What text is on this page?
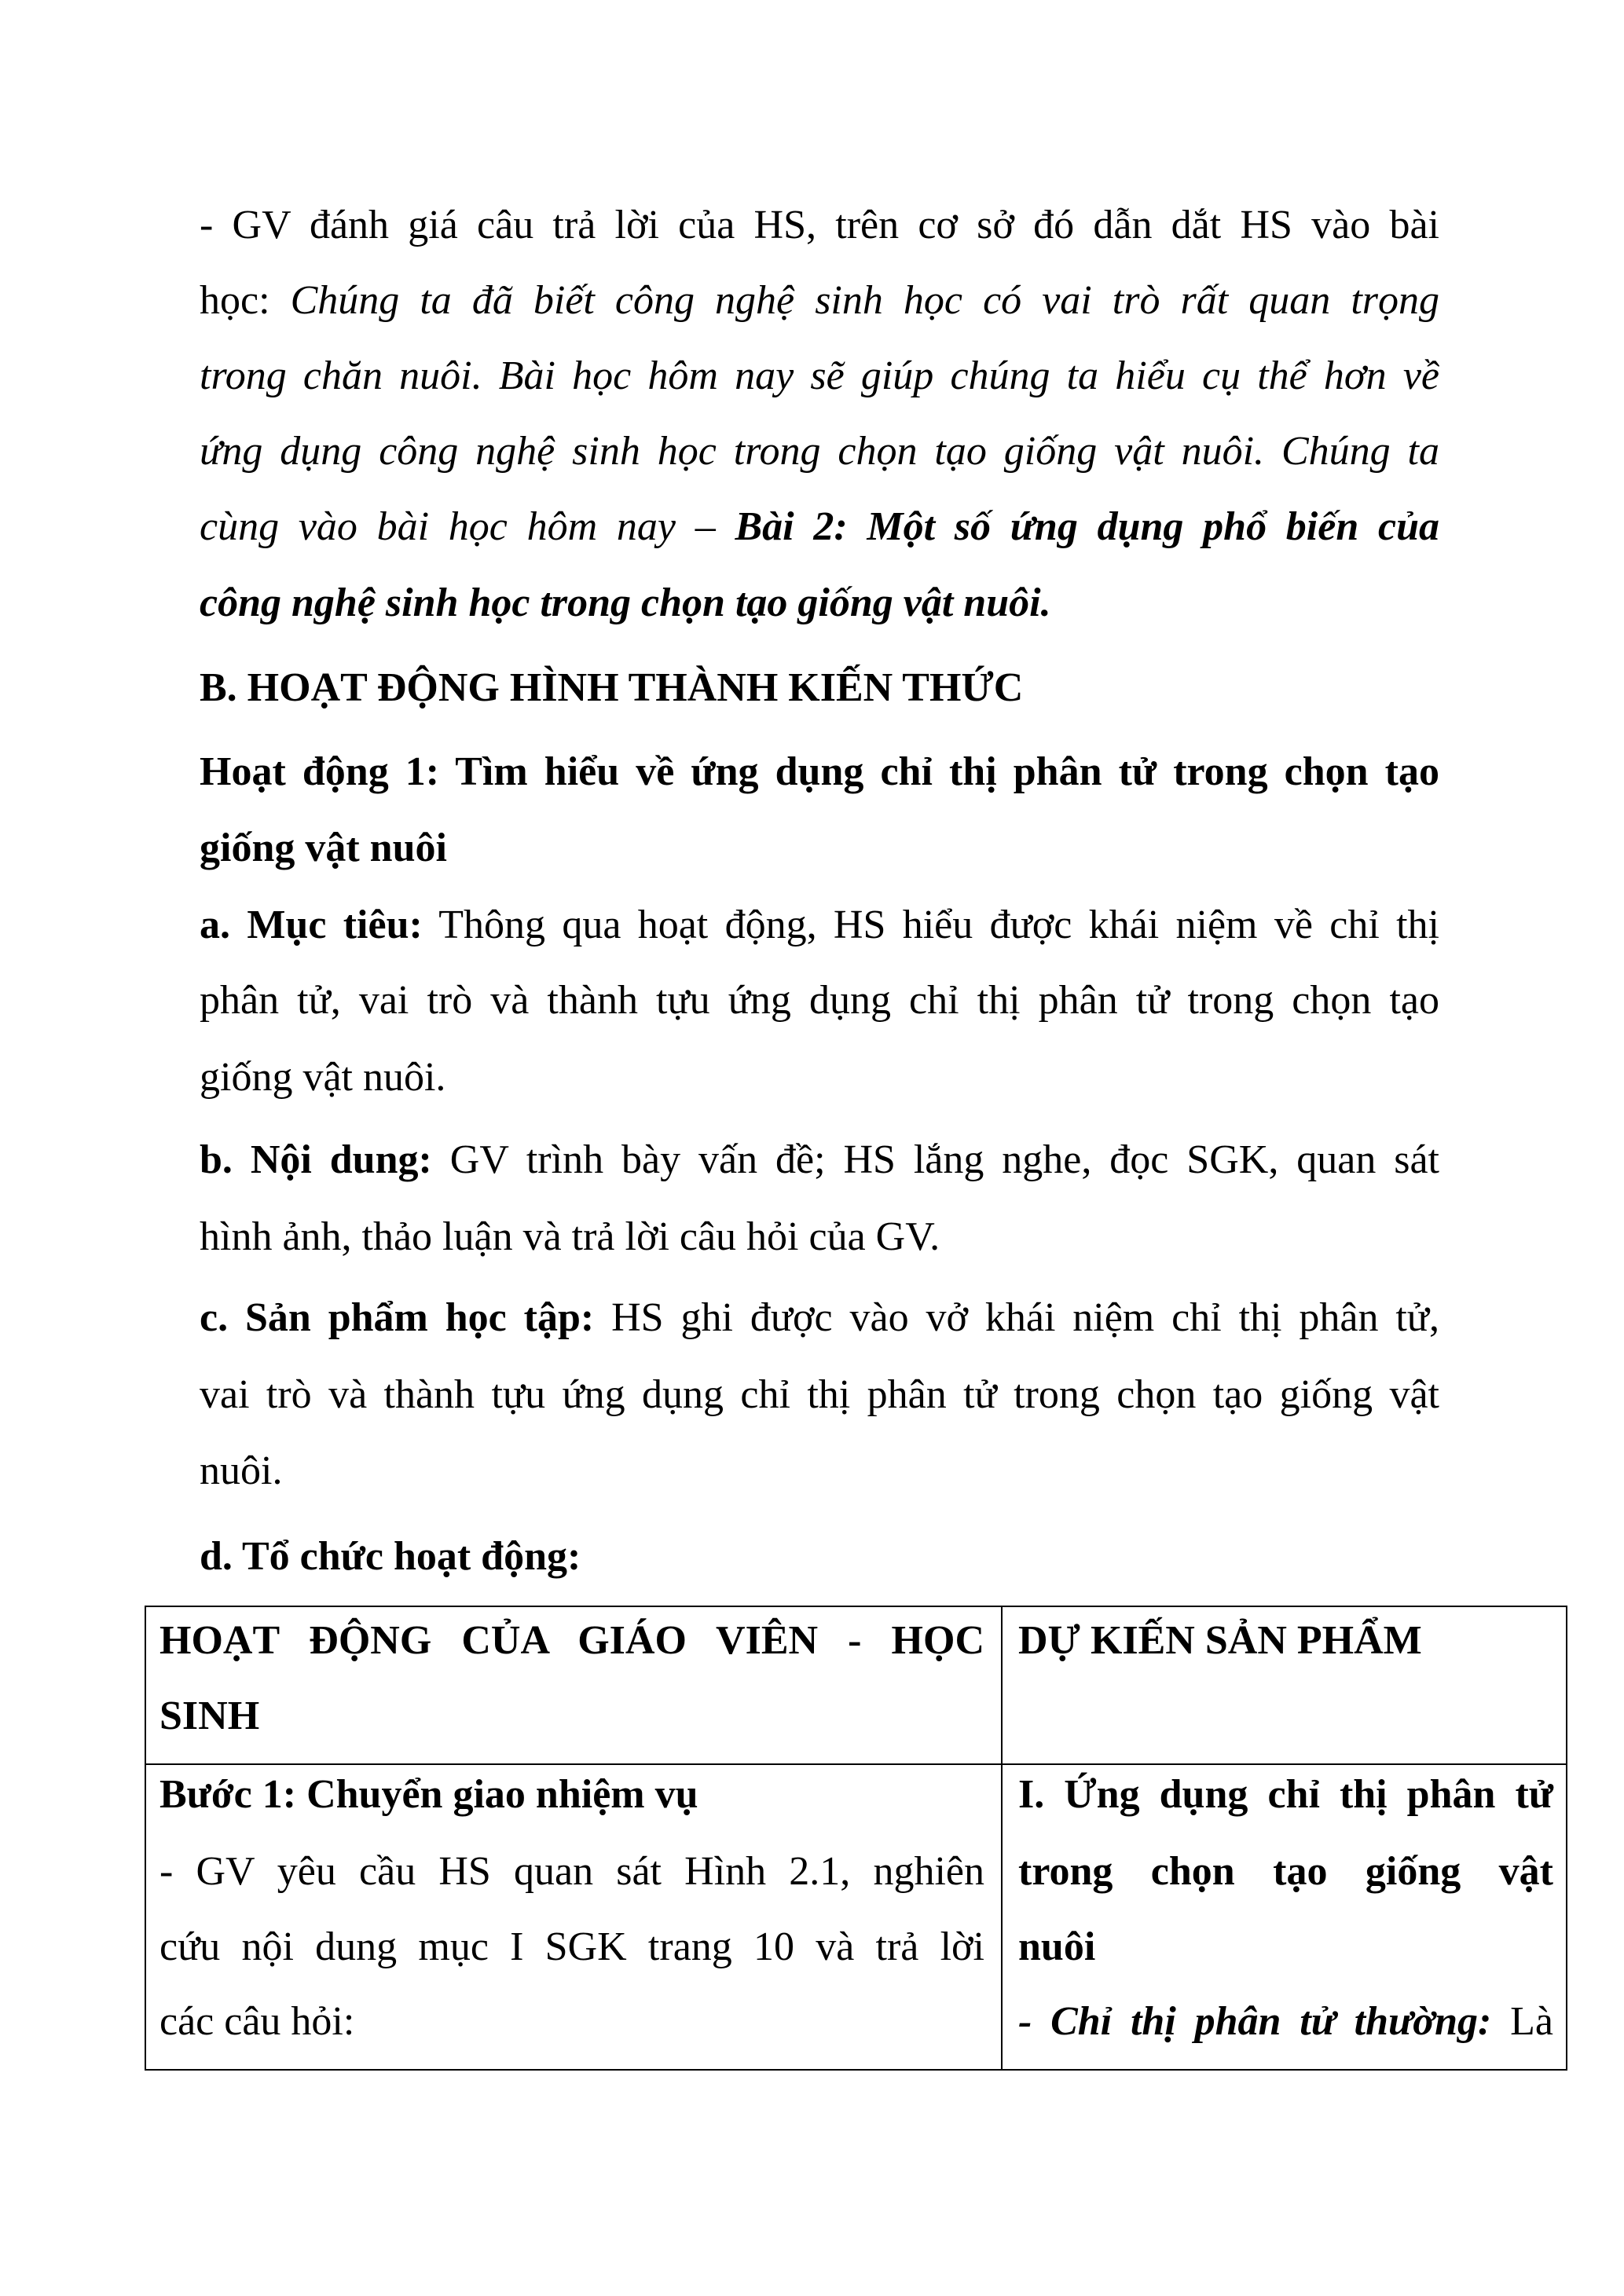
- GV đánh giá câu trả lời của HS, trên cơ sở đó dẫn dắt HS vào bài
học: Chúng ta đã biết công nghệ sinh học có vai trò rất quan trọng
trong chăn nuôi. Bài học hôm nay sẽ giúp chúng ta hiểu cụ thể hơn về
ứng dụng công nghệ sinh học trong chọn tạo giống vật nuôi. Chúng ta
cùng vào bài học hôm nay – Bài 2: Một số ứng dụng phổ biến của
công nghệ sinh học trong chọn tạo giống vật nuôi.
B. HOẠT ĐỘNG HÌNH THÀNH KIẾN THỨC
Hoạt động 1: Tìm hiểu về ứng dụng chỉ thị phân tử trong chọn tạo
giống vật nuôi
a. Mục tiêu: Thông qua hoạt động, HS hiểu được khái niệm về chỉ thị
phân tử, vai trò và thành tựu ứng dụng chỉ thị phân tử trong chọn tạo
giống vật nuôi.
b. Nội dung: GV trình bày vấn đề; HS lắng nghe, đọc SGK, quan sát
hình ảnh, thảo luận và trả lời câu hỏi của GV.
c. Sản phẩm học tập: HS ghi được vào vở khái niệm chỉ thị phân tử,
vai trò và thành tựu ứng dụng chỉ thị phân tử trong chọn tạo giống vật
nuôi.
d. Tổ chức hoạt động:
HOẠT ĐỘNG CỦA GIÁO VIÊN - HỌC
SINH
DỰ KIẾN SẢN PHẨM
Bước 1: Chuyển giao nhiệm vụ
- GV yêu cầu HS quan sát Hình 2.1, nghiên
cứu nội dung mục I SGK trang 10 và trả lời
các câu hỏi:
I. Ứng dụng chỉ thị phân tử
trong chọn tạo giống vật
nuôi
- Chỉ thị phân tử thường: Là
